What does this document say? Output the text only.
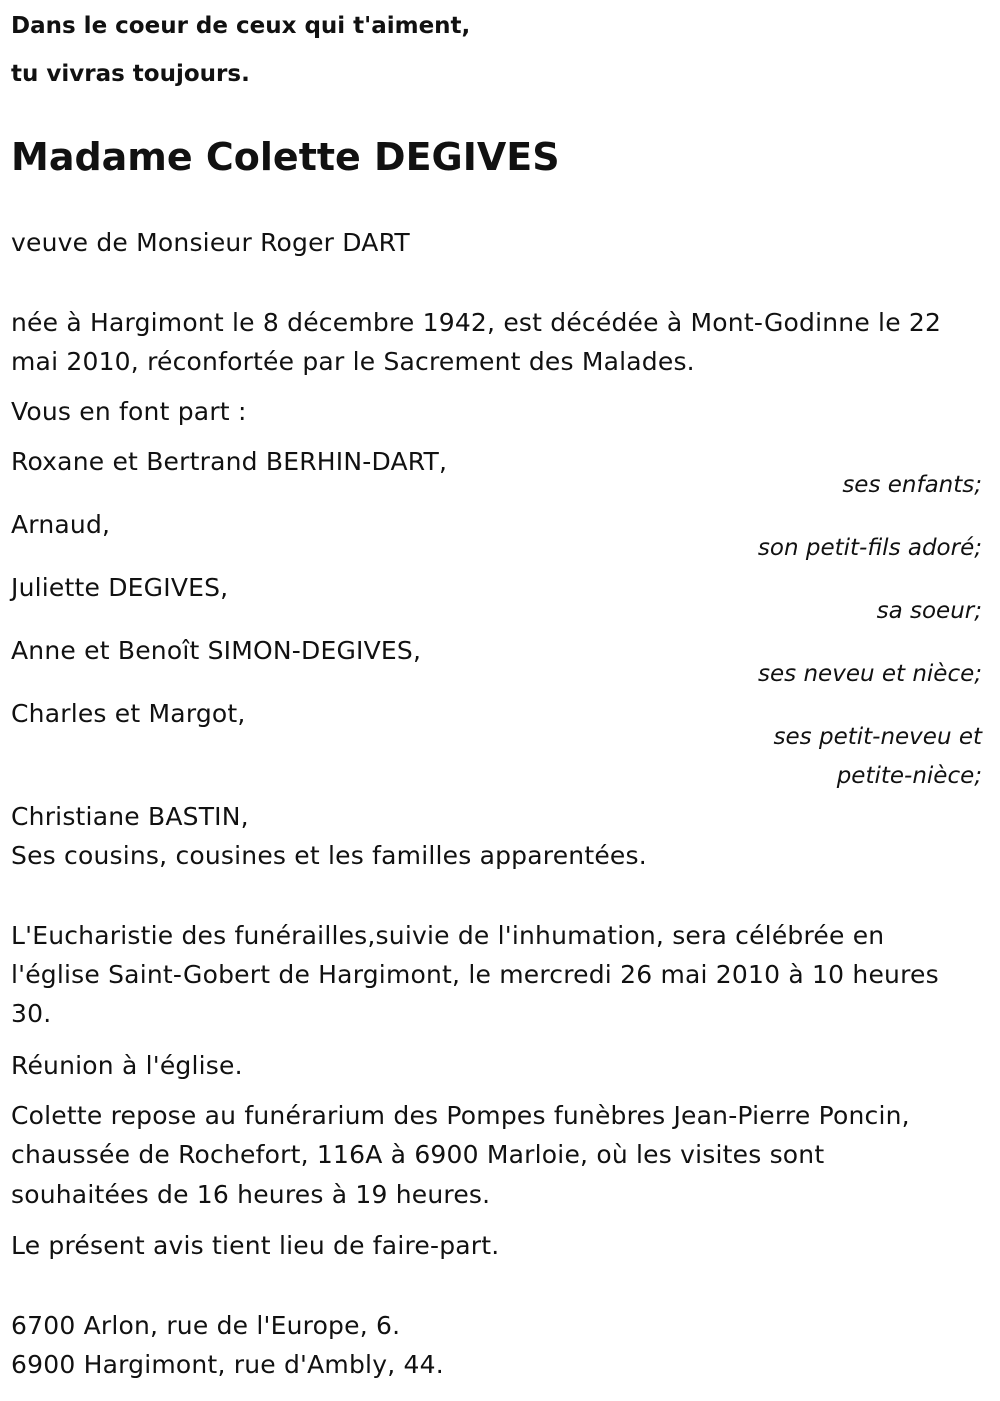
Dans le coeur de ceux qui t'aiment,

tu vivras toujours.

Madame Colette DEGIVES

veuve de Monsieur Roger DART

née à Hargimont le 8 décembre 1942, est décédée à Mont-Godinne le 22

mai 2010, réconfortée par le Sacrement des Malades.

Vous en font part :

Roxane et Bertrand BERHIN-DART,

ses enfants;

Arnaud,

son petit-fils adoré;

Juliette DEGIVES,

sa soeur;

Anne et Benoît SIMON-DEGIVES,

ses neveu et nièce;

Charles et Margot,

ses petit-neveu et

petite-nièce;

Christiane BASTIN,

Ses cousins, cousines et les familles apparentées.

L'Eucharistie des funérailles,suivie de l'inhumation, sera célébrée en

l'église Saint-Gobert de Hargimont, le mercredi 26 mai 2010 à 10 heures

30.

Réunion à l'église.

Colette repose au funérarium des Pompes funèbres Jean-Pierre Poncin,

chaussée de Rochefort, 116A à 6900 Marloie, où les visites sont

souhaitées de 16 heures à 19 heures.

Le présent avis tient lieu de faire-part.

6700 Arlon, rue de l'Europe, 6.

6900 Hargimont, rue d'Ambly, 44.
